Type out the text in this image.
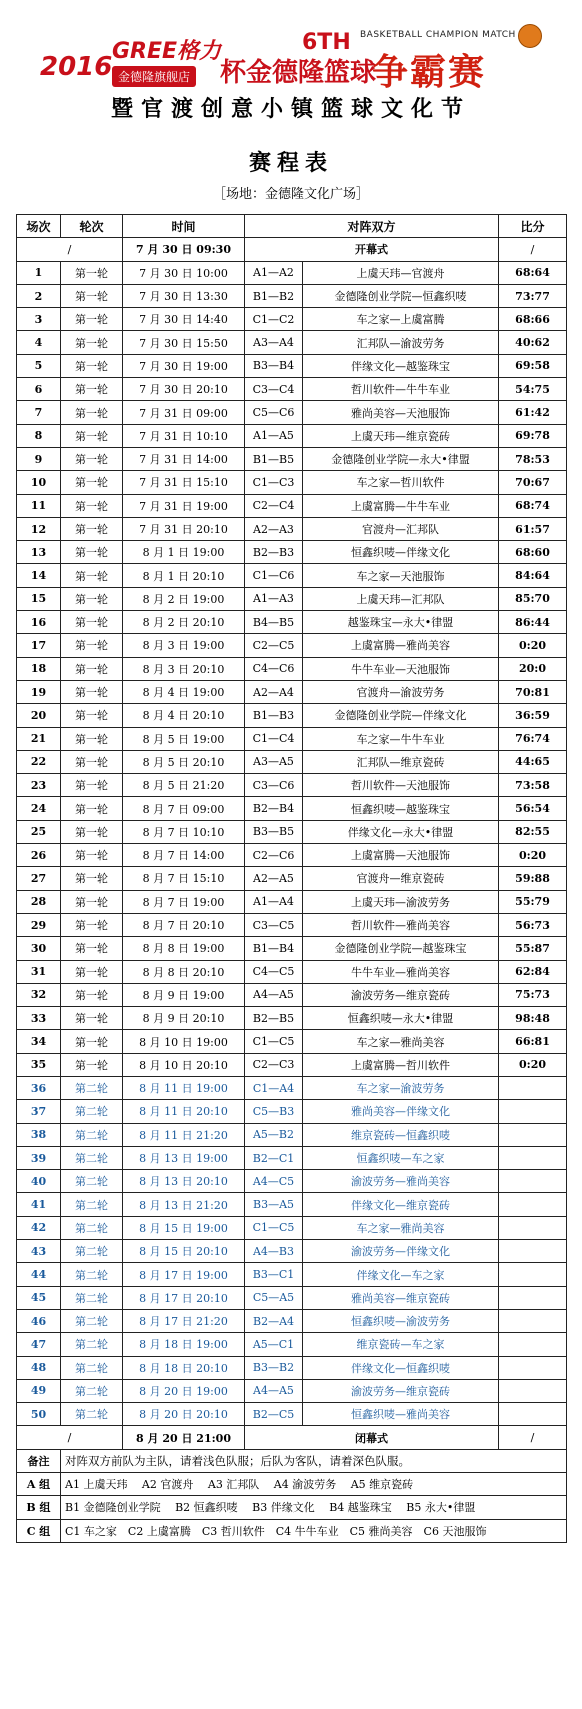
2016
GREE格力
金德隆旗舰店 杯金德隆篮球
6TH BASKETBALL CHAMPION MATCH
争霸赛
暨官渡创意小镇篮球文化节
赛程表
［场地：金德隆文化广场］
场次	轮次	时间	对阵双方		比分
/		7 月 30 日 09:30	开幕式		/
1	第一轮	7 月 30 日 10:00	A1—A2	上虞天玮—官渡舟	68:64
2	第一轮	7 月 30 日 13:30	B1—B2	金德隆创业学院—恒鑫织唛	73:77
3	第一轮	7 月 30 日 14:40	C1—C2	车之家—上虞富腾	68:66
4	第一轮	7 月 30 日 15:50	A3—A4	汇邦队—渝波劳务	40:62
5	第一轮	7 月 30 日 19:00	B3—B4	伴缘文化—越鉴珠宝	69:58
6	第一轮	7 月 30 日 20:10	C3—C4	哲川软件—牛牛车业	54:75
7	第一轮	7 月 31 日 09:00	C5—C6	雅尚美容—天池服饰	61:42
8	第一轮	7 月 31 日 10:10	A1—A5	上虞天玮—维京瓷砖	69:78
9	第一轮	7 月 31 日 14:00	B1—B5	金德隆创业学院—永大•律盟	78:53
10	第一轮	7 月 31 日 15:10	C1—C3	车之家—哲川软件	70:67
11	第一轮	7 月 31 日 19:00	C2—C4	上虞富腾—牛牛车业	68:74
12	第一轮	7 月 31 日 20:10	A2—A3	官渡舟—汇邦队	61:57
13	第一轮	8 月 1 日 19:00	B2—B3	恒鑫织唛—伴缘文化	68:60
14	第一轮	8 月 1 日 20:10	C1—C6	车之家—天池服饰	84:64
15	第一轮	8 月 2 日 19:00	A1—A3	上虞天玮—汇邦队	85:70
16	第一轮	8 月 2 日 20:10	B4—B5	越鉴珠宝—永大•律盟	86:44
17	第一轮	8 月 3 日 19:00	C2—C5	上虞富腾—雅尚美容	0:20
18	第一轮	8 月 3 日 20:10	C4—C6	牛牛车业—天池服饰	20:0
19	第一轮	8 月 4 日 19:00	A2—A4	官渡舟—渝波劳务	70:81
20	第一轮	8 月 4 日 20:10	B1—B3	金德隆创业学院—伴缘文化	36:59
21	第一轮	8 月 5 日 19:00	C1—C4	车之家—牛牛车业	76:74
22	第一轮	8 月 5 日 20:10	A3—A5	汇邦队—维京瓷砖	44:65
23	第一轮	8 月 5 日 21:20	C3—C6	哲川软件—天池服饰	73:58
24	第一轮	8 月 7 日 09:00	B2—B4	恒鑫织唛—越鉴珠宝	56:54
25	第一轮	8 月 7 日 10:10	B3—B5	伴缘文化—永大•律盟	82:55
26	第一轮	8 月 7 日 14:00	C2—C6	上虞富腾—天池服饰	0:20
27	第一轮	8 月 7 日 15:10	A2—A5	官渡舟—维京瓷砖	59:88
28	第一轮	8 月 7 日 19:00	A1—A4	上虞天玮—渝波劳务	55:79
29	第一轮	8 月 7 日 20:10	C3—C5	哲川软件—雅尚美容	56:73
30	第一轮	8 月 8 日 19:00	B1—B4	金德隆创业学院—越鉴珠宝	55:87
31	第一轮	8 月 8 日 20:10	C4—C5	牛牛车业—雅尚美容	62:84
32	第一轮	8 月 9 日 19:00	A4—A5	渝波劳务—维京瓷砖	75:73
33	第一轮	8 月 9 日 20:10	B2—B5	恒鑫织唛—永大•律盟	98:48
34	第一轮	8 月 10 日 19:00	C1—C5	车之家—雅尚美容	66:81
35	第一轮	8 月 10 日 20:10	C2—C3	上虞富腾—哲川软件	0:20
36	第二轮	8 月 11 日 19:00	C1—A4	车之家—渝波劳务	
37	第二轮	8 月 11 日 20:10	C5—B3	雅尚美容—伴缘文化	
38	第二轮	8 月 11 日 21:20	A5—B2	维京瓷砖—恒鑫织唛	
39	第二轮	8 月 13 日 19:00	B2—C1	恒鑫织唛—车之家	
40	第二轮	8 月 13 日 20:10	A4—C5	渝波劳务—雅尚美容	
41	第二轮	8 月 13 日 21:20	B3—A5	伴缘文化—维京瓷砖	
42	第二轮	8 月 15 日 19:00	C1—C5	车之家—雅尚美容	
43	第二轮	8 月 15 日 20:10	A4—B3	渝波劳务—伴缘文化	
44	第二轮	8 月 17 日 19:00	B3—C1	伴缘文化—车之家	
45	第二轮	8 月 17 日 20:10	C5—A5	雅尚美容—维京瓷砖	
46	第二轮	8 月 17 日 21:20	B2—A4	恒鑫织唛—渝波劳务	
47	第二轮	8 月 18 日 19:00	A5—C1	维京瓷砖—车之家	
48	第二轮	8 月 18 日 20:10	B3—B2	伴缘文化—恒鑫织唛	
49	第二轮	8 月 20 日 19:00	A4—A5	渝波劳务—维京瓷砖	
50	第二轮	8 月 20 日 20:10	B2—C5	恒鑫织唛—雅尚美容	
/		8 月 20 日 21:00	闭幕式		/
备注	对阵双方前队为主队，请着浅色队服；后队为客队，请着深色队服。				
A 组	A1 上虞天玮　 A2 官渡舟　 A3 汇邦队　 A4 渝波劳务　 A5 维京瓷砖				
B 组	B1 金德隆创业学院　 B2 恒鑫织唛　 B3 伴缘文化　 B4 越鉴珠宝　 B5 永大•律盟				
C 组	C1 车之家　C2 上虞富腾　C3 哲川软件　C4 牛牛车业　C5 雅尚美容　C6 天池服饰				
